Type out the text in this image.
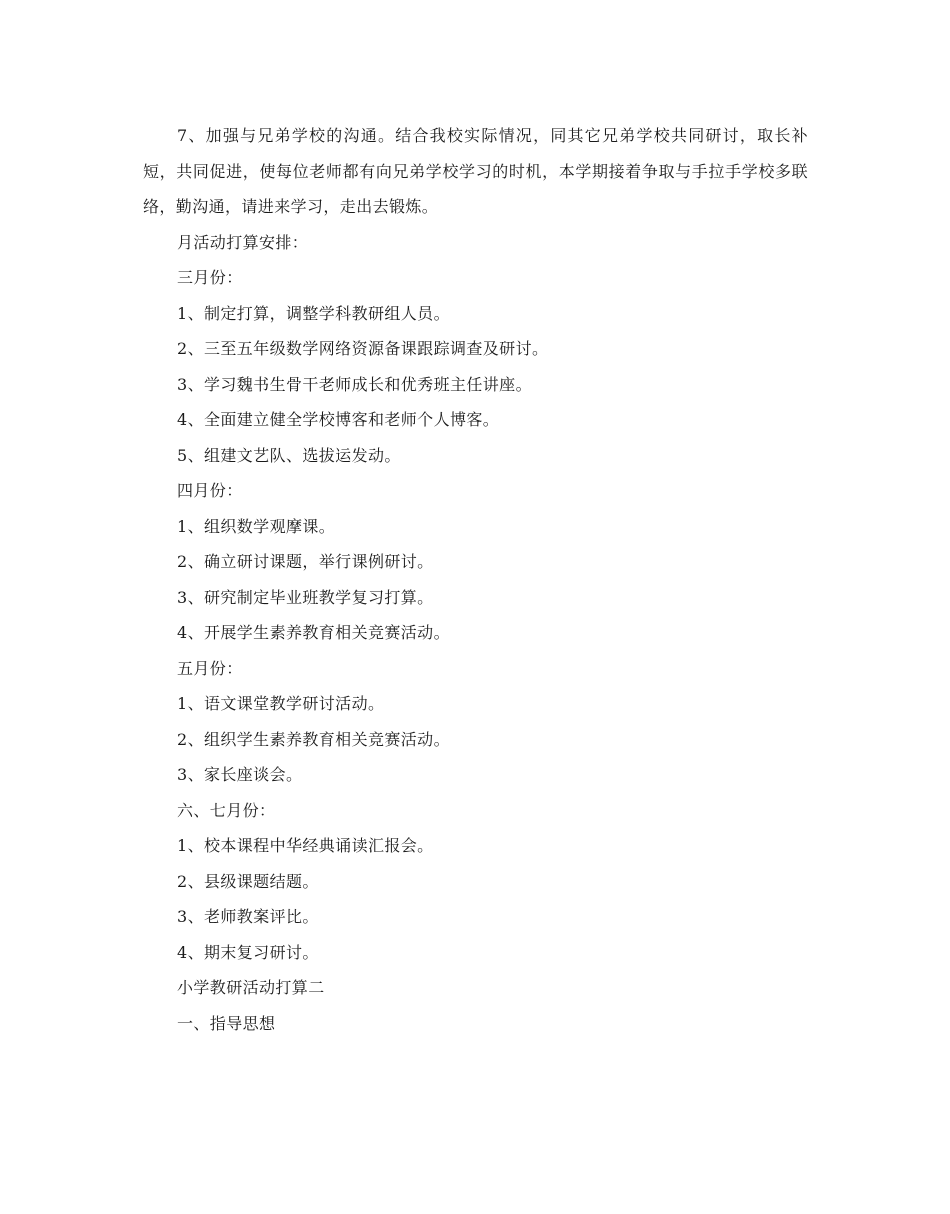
7、加强与兄弟学校的沟通。结合我校实际情况，同其它兄弟学校共同研讨，取长补短，共同促进，使每位老师都有向兄弟学校学习的时机，本学期接着争取与手拉手学校多联络，勤沟通，请进来学习，走出去锻炼。

月活动打算安排：

三月份：

1、制定打算，调整学科教研组人员。

2、三至五年级数学网络资源备课跟踪调查及研讨。

3、学习魏书生骨干老师成长和优秀班主任讲座。

4、全面建立健全学校博客和老师个人博客。

5、组建文艺队、选拔运发动。

四月份：

1、组织数学观摩课。

2、确立研讨课题，举行课例研讨。

3、研究制定毕业班教学复习打算。

4、开展学生素养教育相关竞赛活动。

五月份：

1、语文课堂教学研讨活动。

2、组织学生素养教育相关竞赛活动。

3、家长座谈会。

六、七月份：

1、校本课程中华经典诵读汇报会。

2、县级课题结题。

3、老师教案评比。

4、期末复习研讨。

小学教研活动打算二

一、指导思想
